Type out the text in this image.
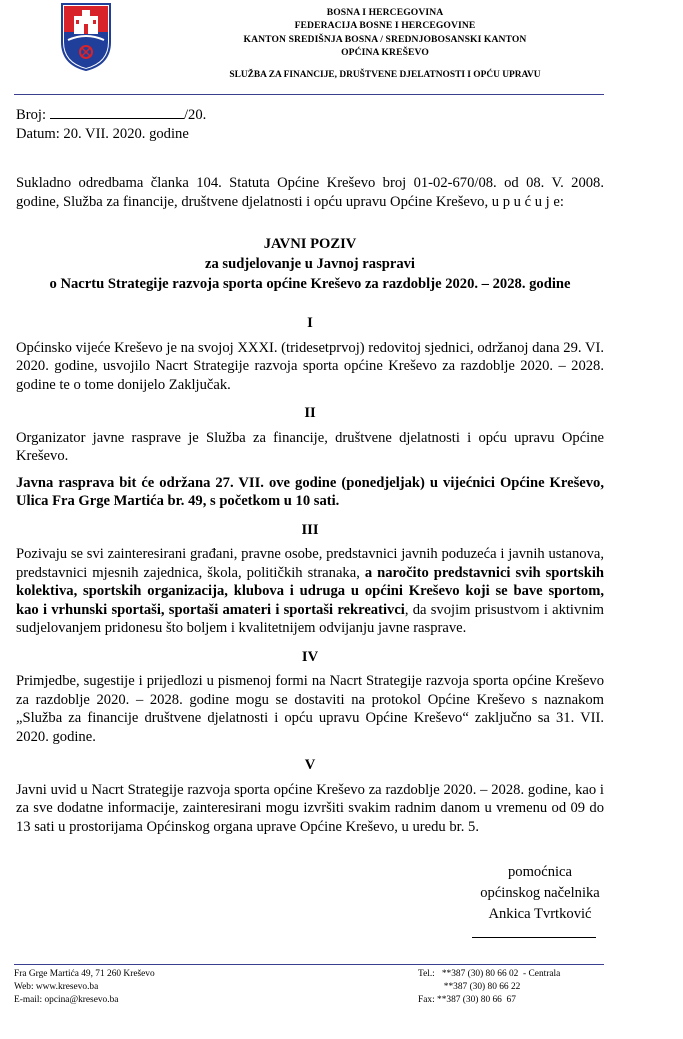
BOSNA I HERCEGOVINA
FEDERACIJA BOSNE I HERCEGOVINE
KANTON SREDIŠNJA BOSNA / SREDNJOBOSANSKI KANTON
OPĆINA KREŠEVO
SLUŽBA ZA FINANCIJE, DRUŠTVENE DJELATNOSTI I OPĆU UPRAVU
Broj:	/20.
Datum: 20. VII. 2020. godine

Sukladno odredbama članka 104. Statuta Općine Kreševo broj 01-02-670/08. od 08. V. 2008. godine, Služba za financije, društvene djelatnosti i opću upravu Općine Kreševo, u p u ć u j e:

JAVNI POZIV
za sudjelovanje u Javnoj raspravi
o Nacrtu Strategije razvoja sporta općine Kreševo za razdoblje 2020. – 2028. godine
I

Općinsko vijeće Kreševo je na svojoj XXXI. (tridesetprvoj) redovitoj sjednici, održanoj dana 29. VI. 2020. godine, usvojilo Nacrt Strategije razvoja sporta općine Kreševo za razdoblje 2020. – 2028. godine te o tome donijelo Zaključak.

II

Organizator javne rasprave je Služba za financije, društvene djelatnosti i opću upravu Općine Kreševo.

Javna rasprava bit će održana 27. VII. ove godine (ponedjeljak) u vijećnici Općine Kreševo, Ulica Fra Grge Martića br. 49, s početkom u 10 sati.

III

Pozivaju se svi zainteresirani građani, pravne osobe, predstavnici javnih poduzeća i javnih ustanova, predstavnici mjesnih zajednica, škola, političkih stranaka, a naročito predstavnici svih sportskih kolektiva, sportskih organizacija, klubova i udruga u općini Kreševo koji se bave sportom, kao i vrhunski sportaši, sportaši amateri i sportaši rekreativci, da svojim prisustvom i aktivnim sudjelovanjem pridonesu što boljem i kvalitetnijem odvijanju javne rasprave.

IV

Primjedbe, sugestije i prijedlozi u pismenoj formi na Nacrt Strategije razvoja sporta općine Kreševo za razdoblje 2020. – 2028. godine mogu se dostaviti na protokol Općine Kreševo s naznakom „Služba za financije društvene djelatnosti i opću upravu Općine Kreševo“ zaključno sa 31. VII. 2020. godine.

V

Javni uvid u Nacrt Strategije razvoja sporta općine Kreševo za razdoblje 2020. – 2028. godine, kao i za sve dodatne informacije, zainteresirani mogu izvršiti svakim radnim danom u vremenu od 09 do 13 sati u prostorijama Općinskog organa uprave Općine Kreševo, u uredu br. 5.

pomoćnica
općinskog načelnika
Ankica Tvrtković
Fra Grge Martića 49, 71 260 Kreševo
Web: www.kresevo.ba
E-mail: opcina@kresevo.ba
Tel.:   **387 (30) 80 66 02  - Centrala
**387 (30) 80 66 22
Fax: **387 (30) 80 66  67
